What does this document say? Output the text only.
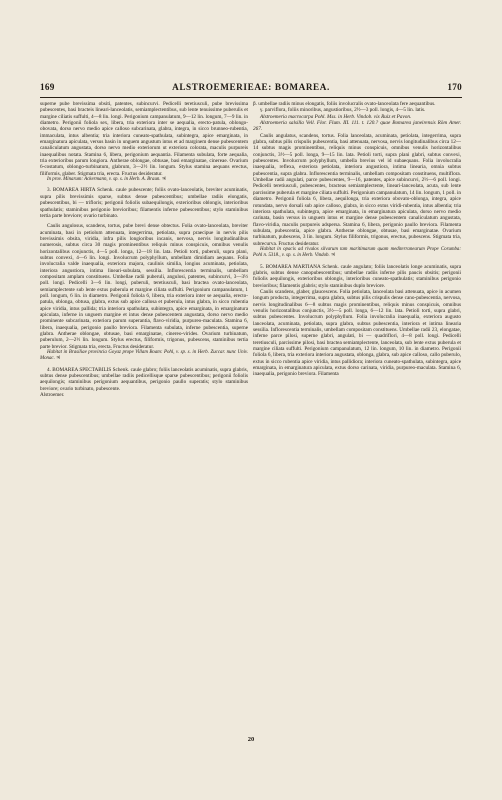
169	ALSTROEMERIEAE: BOMAREA.	170

superne pube brevissima obsiti, patentes, subincurvi. Pedicelli teretiusculi, pube brevissima pubescentes, basi bracteis lineari-lanceolatis, semiamplectentibus, sub lente tenuissime puberulis et margine ciliatis suffulti, 4—8 lin. longi. Perigonium campanulatum, 9—12 lin. longum, 7—9 lin. in diametro. Perigonii foliola sex, libera, tria exteriora inter se aequalia, erecto-patula, oblongo-obovata, dorso nervo medio apice calloso subcarinata, glabra, integra, in sicco brunneo-rubentia, immaculata, intus albentia; tria interiora cuneato-spathulata, subintegra, apice emarginata, in emarginatura apiculata, versus basin in unguem angustum intus et ad marginem dense pubescentem canaliculatum angustata, dorso nervo medio exteriorum ut exteriora colorata, maculis purpureis inaequalibus notata. Stamina 6, libera, perigonium aequantia. Filamenta subulata, forte aequalia, tria exterioribus parum longiora. Antherae oblongae, obtusae, basi emarginatae, cinereae. Ovarium 6-costatum, oblongo-turbinatum, glabrum, 3—2½ lin. longum. Stylus stamina aequans erectus, filiformis, glaber. Stigmata tria, erecta. Fructus desideratur.

In prov. Minarum: Ackermann, v. sp. s. in Herb. A. Braun. ♃

3. BOMAREA HIRTA Schenk. caule pubescente; foliis ovato-lanceolatis, breviter acuminatis, supra pilis brevissimis sparse, subtus dense pubescentibus; umbellae radiis elongatis, pubescentibus, bi — trifloris; perigonii foliolis subaequilongis, exterioribus oblongis, interioribus spathulatis; staminibus perigonio brevioribus; filamentis inferne pubescentibus; stylo staminibus tertia parte breviore; ovario turbinato.

Caulis angulosus, scandens, tortus, pube brevi dense obtectus. Folia ovato-lanceolata, breviter acuminata, basi in petiolum attenuata, integerrima, petiolata, supra praecipue in nervis pilis brevissimis obsita, viridia, infra pilis longioribus incanis, nervosa, nervis longitudinalibus numerosis, subtus circa 30 magis prominentibus reliquis minus conspicuis, omnibus venulis horizontalibus conjunctis, 4—5 poll. longa, 12—18 lin. lata. Petioli torti, puberuli, supra plani, subtus convexi, 4—6 lin. longi. Involucrum polyphyllum, umbellam dimidiam aequans. Folia involucralia valde inaequalia, exteriora majora, caulinis similia, longius acuminata, petiolata, interiora angustiora, intima lineari-subulata, sessilia. Inflorescentia terminalis, umbellam compositam amplam constituens. Umbellae radii puberuli, angulosi, patentes, subincurvi, 3—3½ poll. longi. Pedicelli 3—6 lin. longi, puberuli, teretiusculi, basi bractea ovato-lanceolata, semiamplectente sub lente extus puberula et margine ciliata suffulti. Perigonium campanulatum, 1 poll. longum, 6 lin. in diametro. Perigonii foliola 6, libera, tria exteriora inter se aequalia, erecto-patula, oblonga, obtusa, glabra, extus sub apice callosa et puberula, intus glabra, in sicco rubentia apice viridia, intus pallida; tria interiora spathulata, subintegra, apice emarginata, in emarginatura apiculata, inferne in unguem margine et intus dense pubescentem angustata, dorso nervo medio prominente subcarinata, exteriora parum superantia, flavo-viridia, purpureo-maculata. Stamina 6, libera, inaequalia, perigonio paullo breviora. Filamenta subulata, inferne pubescentia, superne glabra. Antherae oblongae, obtusae, basi emarginatae, cinereo-virides. Ovarium turbinatum, puberulum, 2—2½ lin. longum. Stylus erectus, filiformis, trigonus, pubescens, staminibus tertia parte brevior. Stigmata tria, erecta. Fructus desideratur.

Habitat in Brasiliae provincia Goyaz prope Villam Boam: Pohl, v. sp. s. in Herb. Zuccar. nunc Univ. Monac. ♃

4. BOMAREA SPECTABILIS Schenk. caule glabro; foliis lanceolatis acuminatis, supra glabris, subtus dense pubescentibus; umbellae radiis pedicellisque sparse pubescentibus; perigonii foliolis aequilongis; staminibus perigonium aequantibus, perigonio paullo superatis; stylo staminibus breviore; ovario turbinato, pubescente.

Alstroemer.

β. umbellae radiis minus elongatis, foliis involucralis ovato-lanceolata fere aequantibus.

γ. parviflora, foliis minoribus, angustioribus, 2½—3 poll. longis, 4—5 lin. latis.

Alstroemeria macrocarpa Pohl. Mss. in Herb. Vindob. vix Ruiz et Pavon.

Alstroemeria salsilla Vell. Flor. Flum. III. 111. t. 120.? quae Bomarea janeirensis Röm Amer. 267.

Caulis angulatus, scandens, tortus. Folia lanceolata, acuminata, petiolata, integerrima, supra glabra, subtus pilis crispulis pubescentia, basi attenuata, nervosa, nervis longitudinalibus circa 12—14 subtus magis prominentibus, reliquis minus conspicuis, omnibus venulis horizontalibus conjunctis, 3½—5 poll. longa, 9—15 lin. lata. Petioli torti, supra plani glabri, subtus convexi, pubescentes. Involucrum polyphyllum, umbella brevius vel id subaequans. Folia involucralia inaequalia, reflexa, exteriora petiolata, interiora angustiora, intima linearia, omnia subtus pubescentia, supra glabra. Inflorescentia terminalis, umbellam compositam constituens, multiflora. Umbellae radii angulati, parce pubescentes, 9—16, patentes, apice subincurvi, 2½—6 poll. longi. Pedicelli teretiusculi, pubescentes, bracteas semiamplectente, lineari-lanceolata, acuta, sub lente parcissime puberula et margine ciliata suffulti. Perigonium campanulatum, 14 lin. longum, 1 poll. in diametro. Perigonii foliola 6, libera, aequilonga, tria exteriora obovato-oblonga, integra, apice rotundata, nervo dorsali sub apice calloso, glabra, in sicco extus viridi-rubentia, intus albentia; tria interiora spathulata, subintegra, apice emarginata, in emarginatura apiculata, dorso nervo medio carinata, basin versus in unguem intus et margine dense pubescentem canaliculatum angustata, flavo-viridia, maculis purpureis adspersa. Stamina 6, libera, perigonio paullo breviora. Filamenta subulata, pubescentia, apice glabra. Antherae oblongae, obtusae, basi emarginatae. Ovarium turbinatum, pubescens, 3 lin. longum. Stylus filiformis, trigonus, erectus, pubescens. Stigmata tria, subrecurva. Fructus desideratur.

Habitat in opacis ad rivulos silvarum tam maritimarum quam mediterranearum Prope Corumba: Pohl n. 5318., v. sp. s. in Herb. Vindob. ♃

5. BOMAREA MARTIANA Schenk. caule angulato; foliis lanceolatis longe acuminatis, supra glabris, subtus dense canopubescentibus; umbellae radiis inferne pilis paucis obsitis; perigonii foliolis aequilongis, exterioribus oblongis, interioribus cuneato-spathulatis; staminibus perigonio brevioribus; filamentis glabris; stylo staminibus duplo breviore.

Caulis scandens, glaber, glaucescens. Folia petiolata, lanceolata basi attenuata, apice in acumen longum producta, integerrima, supra glabra, subtus pilis crispulis dense cano-pubescentia, nervosa, nervis longitudinalibus 6—8 subtus magis prominentibus, reliquis minus conspicuis, omnibus venulis horizontalibus conjunctis, 3½—5 poll. longa, 6—12 lin. lata. Petioli torti, supra glabri, subtus pubescentes. Involucrum polyphyllum. Folia involucralia inaequalia, exteriora augusto lanceolata, acuminata, petiolata, supra glabra, subtus pubescentia, interiora et intima linearia sessilia. Inflorescentia terminalis, umbellam compositam constituens. Umbellae radii 23, elongatae, inferne parce pilosi, superne glabri, angulati, bi — quadriflori, 4—8 poll. longi. Pedicelli teretiusculi, parcissime pilosi, basi bractea semiamplectente, lanceolata, sub lente extus puberula et margine ciliata suffulti. Perigonium campanulatum, 12 lin. longum, 10 lin. in diametro. Perigonii foliola 6, libera, tria exteriora interiora augustata, oblonga, glabra, sub apice calloso, callo puberulo, extus in sicco rubentia apice viridia, intus pallidiora; interiora cuneato-spathulata, subintegra, apice emarginata, in emarginatura apiculata, extus dorso carinata, viridia, purpureo-maculata. Stamina 6, inaequalia, perigonio breviora. Filamenta

20
